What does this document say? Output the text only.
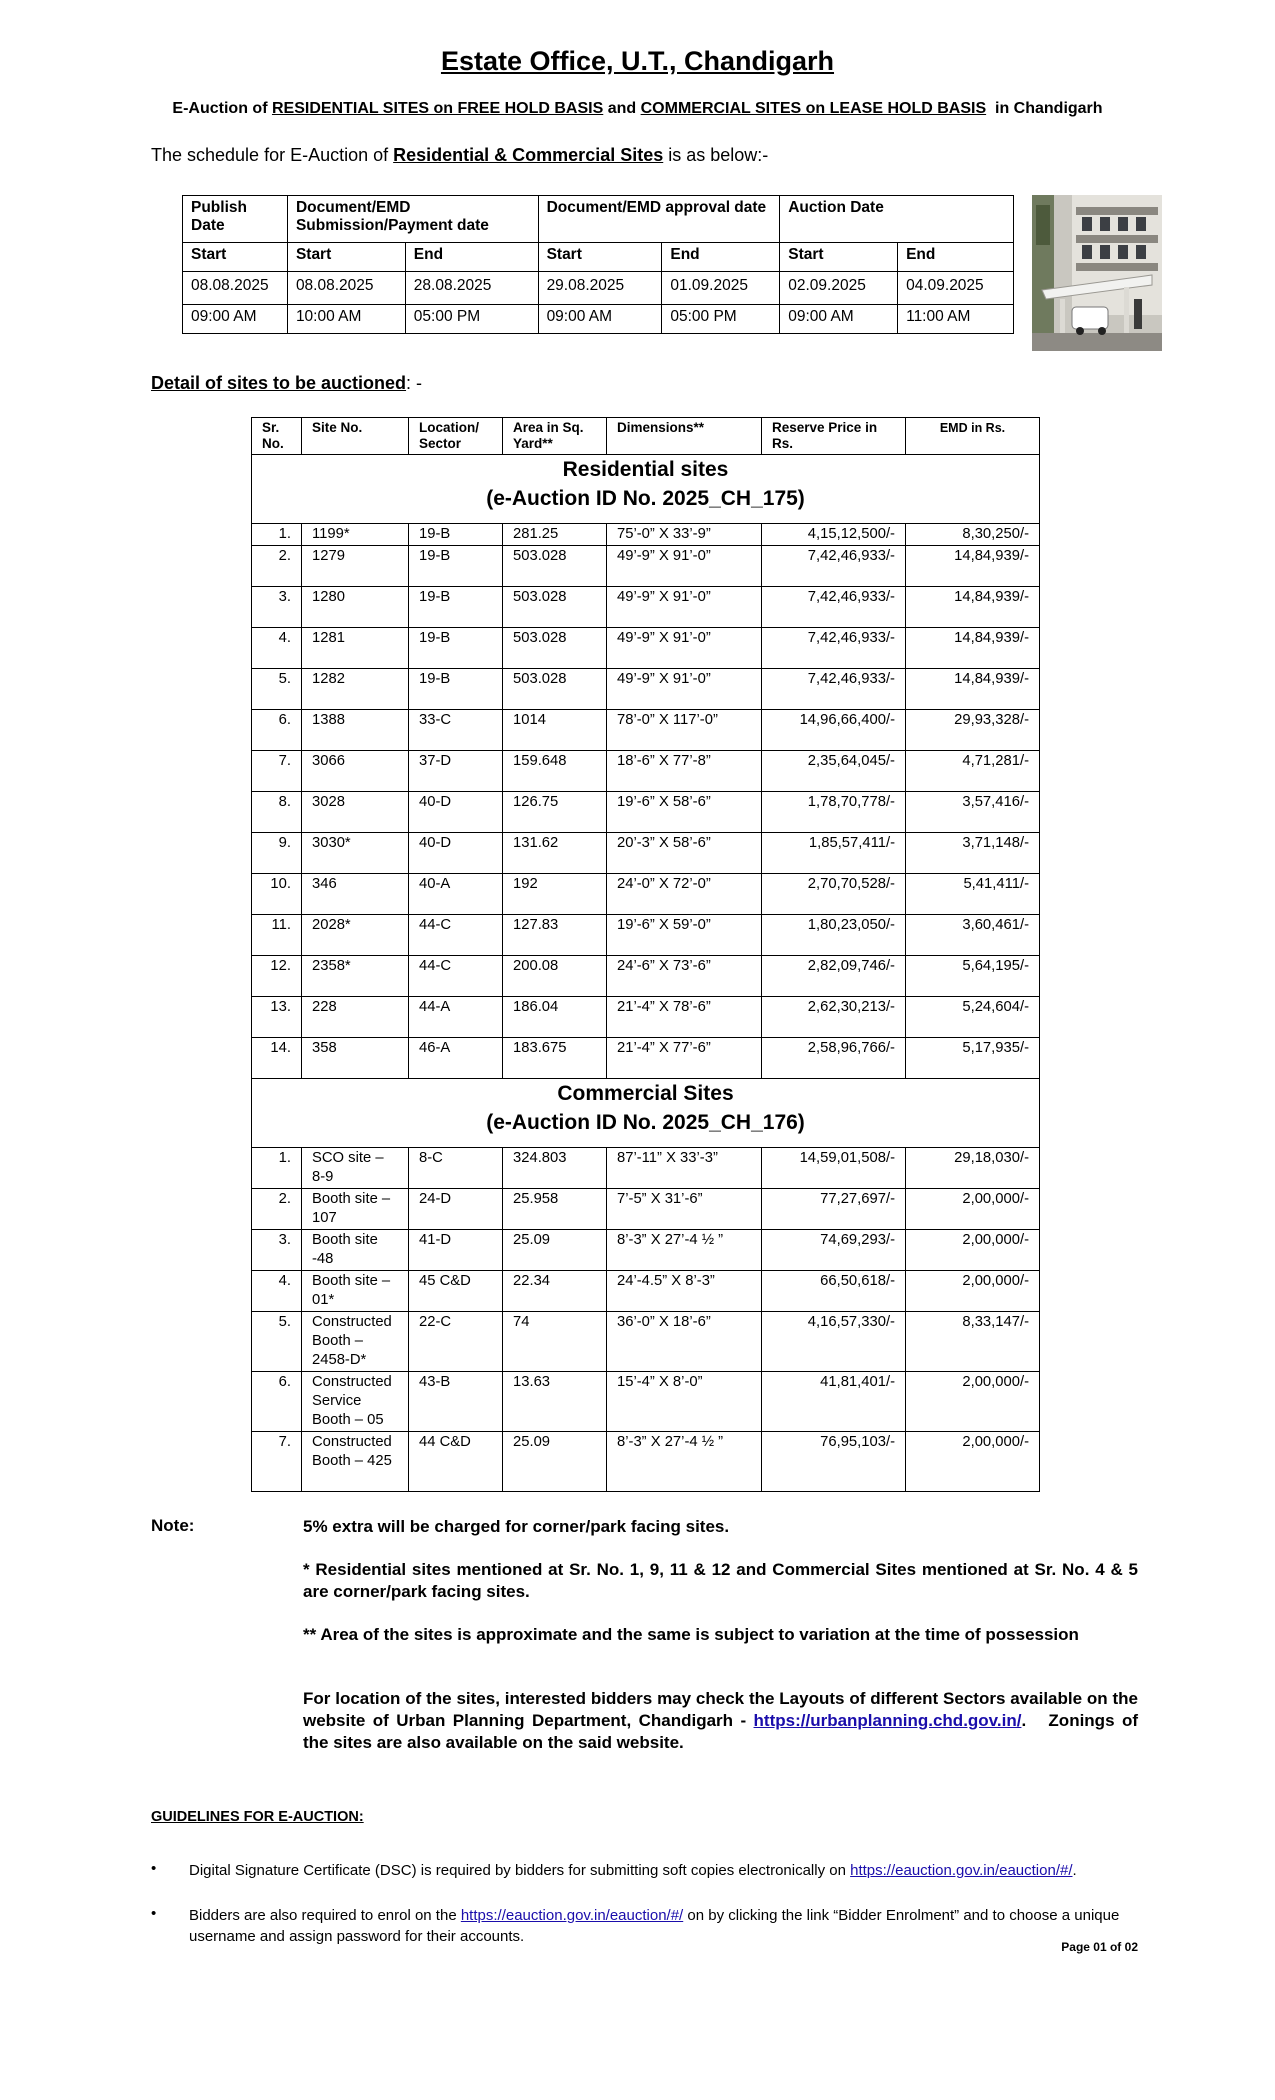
Estate Office, U.T., Chandigarh
E-Auction of RESIDENTIAL SITES on FREE HOLD BASIS and COMMERCIAL SITES on LEASE HOLD BASIS  in Chandigarh
The schedule for E-Auction of Residential & Commercial Sites is as below:-
Publish Date	Document/EMD Submission/Payment date		Document/EMD approval date		Auction Date	
Start	Start	End	Start	End	Start	End
08.08.2025	08.08.2025	28.08.2025	29.08.2025	01.09.2025	02.09.2025	04.09.2025
09:00 AM	10:00 AM	05:00 PM	09:00 AM	05:00 PM	09:00 AM	11:00 AM
Detail of sites to be auctioned: -
Sr. No.	Site No.	Location/ Sector	Area in Sq. Yard**	Dimensions**	Reserve Price in Rs.	EMD in Rs.

Residential sites
(e-Auction ID No. 2025_CH_175)						

1.	1199*	19-B	281.25	75’-0” X 33’-9”	4,15,12,500/-	8,30,250/-
2.	1279	19-B	503.028	49’-9” X 91’-0”	7,42,46,933/-	14,84,939/-
3.	1280	19-B	503.028	49’-9” X 91’-0”	7,42,46,933/-	14,84,939/-
4.	1281	19-B	503.028	49’-9” X 91’-0”	7,42,46,933/-	14,84,939/-
5.	1282	19-B	503.028	49’-9” X 91’-0”	7,42,46,933/-	14,84,939/-
6.	1388	33-C	1014	78’-0” X 117’-0”	14,96,66,400/-	29,93,328/-
7.	3066	37-D	159.648	18’-6” X 77’-8”	2,35,64,045/-	4,71,281/-
8.	3028	40-D	126.75	19’-6” X 58’-6”	1,78,70,778/-	3,57,416/-
9.	3030*	40-D	131.62	20’-3” X 58’-6”	1,85,57,411/-	3,71,148/-
10.	346	40-A	192	24’-0” X 72’-0”	2,70,70,528/-	5,41,411/-
11.	2028*	44-C	127.83	19’-6” X 59’-0”	1,80,23,050/-	3,60,461/-
12.	2358*	44-C	200.08	24’-6” X 73’-6”	2,82,09,746/-	5,64,195/-
13.	228	44-A	186.04	21’-4” X 78’-6”	2,62,30,213/-	5,24,604/-
14.	358	46-A	183.675	21’-4” X 77’-6”	2,58,96,766/-	5,17,935/-

Commercial Sites
(e-Auction ID No. 2025_CH_176)						

1.	SCO site – 8-9	8-C	324.803	87’-11” X 33’-3”	14,59,01,508/-	29,18,030/-
2.	Booth site – 107	24-D	25.958	7’-5” X 31’-6”	77,27,697/-	2,00,000/-
3.	Booth site -48	41-D	25.09	8’-3” X 27’-4 ½ ”	74,69,293/-	2,00,000/-
4.	Booth site – 01*	45 C&D	22.34	24’-4.5” X 8’-3”	66,50,618/-	2,00,000/-
5.	Constructed Booth – 2458-D*	22-C	74	36’-0” X 18’-6”	4,16,57,330/-	8,33,147/-
6.	Constructed Service Booth – 05	43-B	13.63	15’-4” X 8’-0”	41,81,401/-	2,00,000/-
7.	Constructed Booth – 425	44 C&D	25.09	8’-3” X 27’-4 ½ ”	76,95,103/-	2,00,000/-
Note:	5% extra will be charged for corner/park facing sites.
* Residential sites mentioned at Sr. No. 1, 9, 11 & 12 and Commercial Sites mentioned at Sr. No. 4 & 5 are corner/park facing sites.
** Area of the sites is approximate and the same is subject to variation at the time of possession
For location of the sites, interested bidders may check the Layouts of different Sectors available on the website of Urban Planning Department, Chandigarh - https://urbanplanning.chd.gov.in/.   Zonings of the sites are also available on the said website.
GUIDELINES FOR E-AUCTION:
• Digital Signature Certificate (DSC) is required by bidders for submitting soft copies electronically on https://eauction.gov.in/eauction/#/.
• Bidders are also required to enrol on the https://eauction.gov.in/eauction/#/ on by clicking the link “Bidder Enrolment” and to choose a unique username and assign password for their accounts.
Page 01 of 02
